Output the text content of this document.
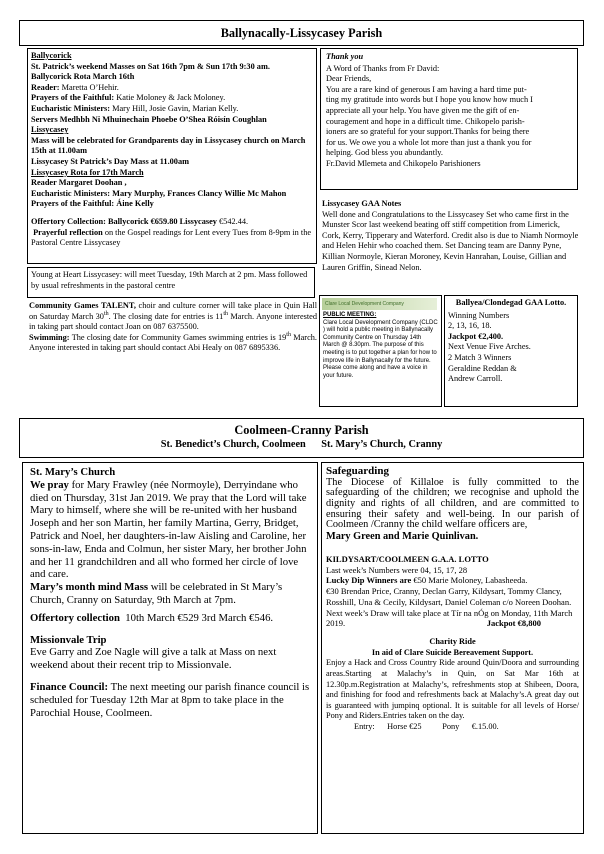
Ballynacally-Lissycasey Parish

Ballycorick

St. Patrick’s weekend Masses on Sat 16th 7pm & Sun 17th 9:30 am.

Ballycorick Rota March 16th

Reader: Maretta O’Hehir.

Prayers of the Faithful: Katie Moloney & Jack Moloney.

Eucharistic Ministers: Mary Hill, Josie Gavin, Marian Kelly.

Servers Medhbh Ni Mhuinechain Phoebe O’Shea Róisín Coughlan

Lissycasey

Mass will be celebrated for Grandparents day in Lissycasey church on March 15th at 11.00am

Lissycasey St Patrick’s Day Mass at 11.00am

Lissycasey Rota for 17th March

Reader Margaret Doohan ,

Eucharistic Ministers: Mary Murphy, Frances Clancy Willie Mc Mahon

Prayers of the Faithful: Áine Kelly

Offertory Collection: Ballycorick €659.80 Lissycasey €542.44.

Prayerful reflection on the Gospel readings for Lent every Tues from 8-9pm in the Pastoral Centre Lissycasey

Thank you

A Word of Thanks from Fr David:

Dear Friends,

You are a rare kind of generous I am having a hard time put-

ting my gratitude into words but I hope you know how much I

appreciate all your help. You have given me the gift of en-

couragement and hope in a difficult time. Chikopelo parish-

ioners are so grateful for your support.Thanks for being there

for us. We owe you a whole lot more than just a thank you for

helping. God bless you abundantly.

Fr.David Mlemeta and Chikopelo Parishioners

Lissycasey GAA Notes

Well done and Congratulations to the Lissycasey Set who came first in the Munster Scor last weekend beating off stiff competition from Limerick, Cork, Kerry, Tipperary and Waterford. Credit also is due to Niamh Normoyle and Helen Hehir who coached them. Set Dancing team are Danny Pyne, Killian Normoyle, Kieran Moroney, Kevin Hanrahan, Louise, Gillian and Lauren Griffin, Sinead Nelon.

Young at Heart Lissycasey: will meet Tuesday, 19th March at 2 pm. Mass followed by usual refreshments in the pastoral centre

Community Games TALENT, choir and culture corner will take place in Quin Hall on Saturday March 30th. The closing date for entries is 11th March. Anyone interested in taking part should contact Joan on 087 6375500.

Swimming: The closing date for Community Games swimming entries is 19th March. Anyone interested in taking part should contact Abi Healy on 087 6895336.

Clare Local Development Company

PUBLIC MEETING:

Clare Local Development Company (CLDC ) will hold a public meeting in Ballynacally Community Centre on Thursday 14th March @ 8.30pm. The purpose of this meeting is to put together a plan for how to improve life in Ballynacally for the future. Please come along and have a voice in your future.

Ballyea/Clondegad GAA Lotto.

Winning Numbers

2, 13, 16, 18.

Jackpot €2,400.

Next Venue Five Arches.

2 Match 3 Winners

Geraldine Reddan &

Andrew Carroll.

Coolmeen-Cranny Parish

St. Benedict’s Church, Coolmeen      St. Mary’s Church, Cranny

St. Mary’s Church

We pray for Mary Frawley (née Normoyle), Derryindane who died on Thursday, 31st Jan 2019. We pray that the Lord will take Mary to himself, where she will be re-united with her husband Joseph and her son Martin, her family Martina, Gerry, Bridget, Patrick and Noel, her daughters-in-law Aisling and Caroline, her sons-in-law, Enda and Colmun, her sister Mary, her brother John and her 11 grandchildren and all who formed her circle of love and care.

Mary’s month mind Mass will be celebrated in St Mary’s Church, Cranny on Saturday, 9th March at 7pm.

Offertory collection 10th March €529 3rd March €546.

Missionvale Trip

Eve Garry and Zoe Nagle will give a talk at Mass on next weekend about their recent trip to Missionvale.

Finance Council: The next meeting our parish finance council is scheduled for Tuesday 12th Mar at 8pm to take place in the Parochial House, Coolmeen.

Safeguarding

The Diocese of Killaloe is fully committed to the safeguarding of the children; we recognise and uphold the dignity and rights of all children, and are committed to ensuring their safety and well-being. In our parish of Coolmeen /Cranny the child welfare officers are,

Mary Green and Marie Quinlivan.

KILDYSART/COOLMEEN G.A.A. LOTTO

Last week’s Numbers were 04, 15, 17, 28

Lucky Dip Winners are €50 Marie Moloney, Labasheeda.

€30 Brendan Price, Cranny, Declan Garry, Kildysart, Tommy Clancy, Rosshill, Una & Cecily, Kildysart, Daniel Coleman c/o Noreen Doohan.

Next week’s Draw will take place at Tír na nÓg on Monday, 11th March 2019.	Jackpot €8,800

Charity Ride

In aid of Clare Suicide Bereavement Support.

Enjoy a Hack and Cross Country Ride around Quin/Doora and surrounding areas.Starting at Malachy’s in Quin, on Sat Mar 16th at 12.30p.m.Registration at Malachy’s, refreshments stop at Shibeen, Doora, and finishing for food and refreshments back at Malachy’s.A great day out is guaranteed with jumpinq optional. It is suitable for all levels of Horse/ Pony and Riders.Entries taken on the day.

Entry:      Horse €25          Pony      €.15.00.
